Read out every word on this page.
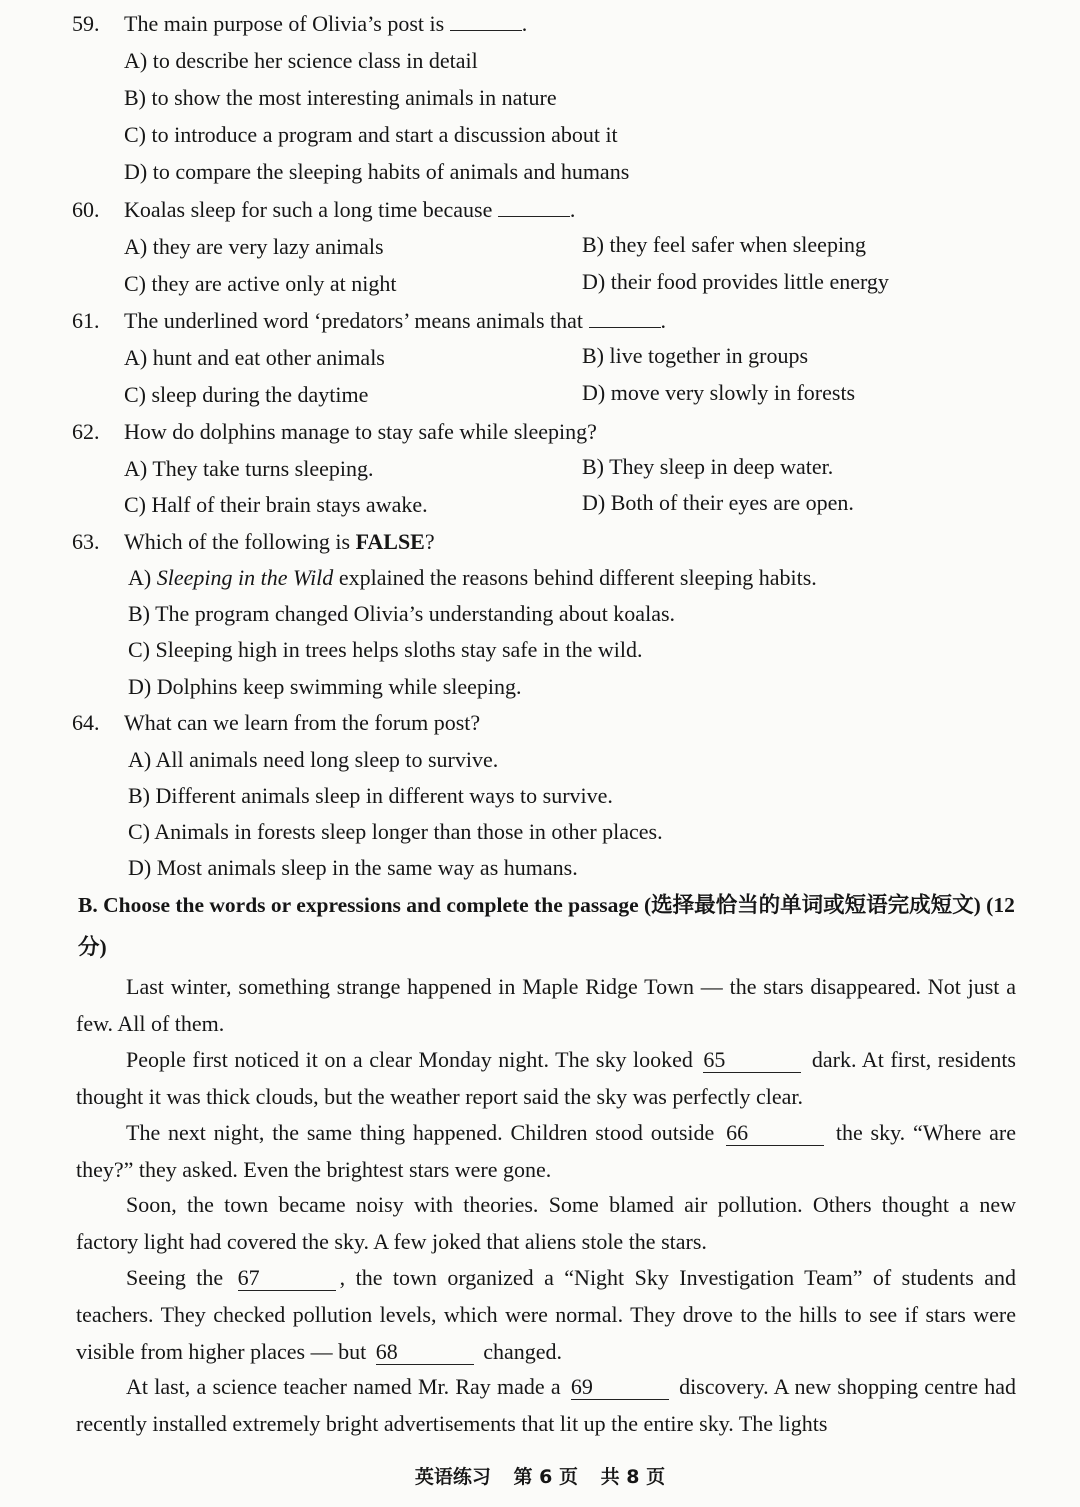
59. The main purpose of Olivia’s post is	.
A) to describe her science class in detail
B) to show the most interesting animals in nature
C) to introduce a program and start a discussion about it
D) to compare the sleeping habits of animals and humans
60. Koalas sleep for such a long time because	.
A) they are very lazy animals	B) they feel safer when sleeping
C) they are active only at night	D) their food provides little energy
61. The underlined word ‘predators’ means animals that	.
A) hunt and eat other animals	B) live together in groups
C) sleep during the daytime	D) move very slowly in forests
62. How do dolphins manage to stay safe while sleeping?
A) They take turns sleeping.	B) They sleep in deep water.
C) Half of their brain stays awake.	D) Both of their eyes are open.
63. Which of the following is FALSE?
A) Sleeping in the Wild explained the reasons behind different sleeping habits.
B) The program changed Olivia’s understanding about koalas.
C) Sleeping high in trees helps sloths stay safe in the wild.
D) Dolphins keep swimming while sleeping.
64. What can we learn from the forum post?
A) All animals need long sleep to survive.
B) Different animals sleep in different ways to survive.
C) Animals in forests sleep longer than those in other places.
D) Most animals sleep in the same way as humans.
B. Choose the words or expressions and complete the passage (选择最恰当的单词或短语完成短文) (12 分)
Last winter, something strange happened in Maple Ridge Town — the stars disappeared. Not just a few. All of them.
People first noticed it on a clear Monday night. The sky looked 65	dark. At first, residents thought it was thick clouds, but the weather report said the sky was perfectly clear.
The next night, the same thing happened. Children stood outside 66	the sky. “Where are they?” they asked. Even the brightest stars were gone.
Soon, the town became noisy with theories. Some blamed air pollution. Others thought a new factory light had covered the sky. A few joked that aliens stole the stars.
Seeing the 67	, the town organized a “Night Sky Investigation Team” of students and teachers. They checked pollution levels, which were normal. They drove to the hills to see if stars were visible from higher places — but 68	changed.
At last, a science teacher named Mr. Ray made a 69	discovery. A new shopping centre had recently installed extremely bright advertisements that lit up the entire sky. The lights
英语练习 第 6 页 共 8 页
